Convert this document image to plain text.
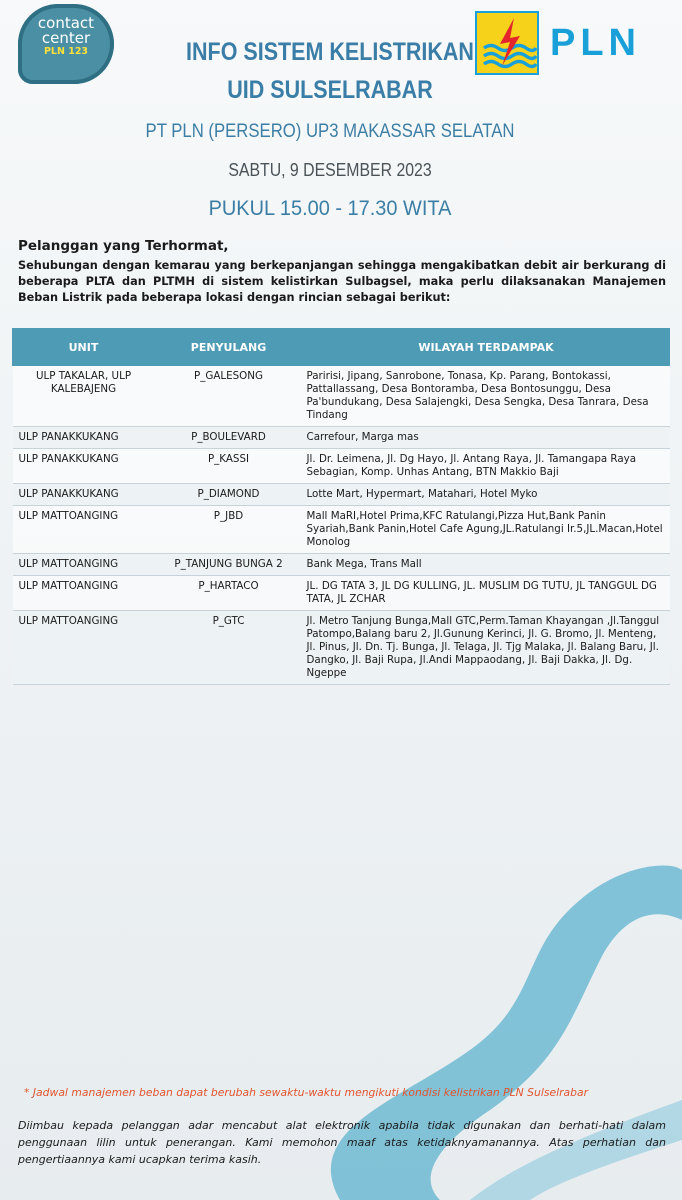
contact
center
PLN 123	PLN
INFO SISTEM KELISTRIKAN
UID SULSELRABAR
PT PLN (PERSERO) UP3 MAKASSAR SELATAN
SABTU, 9 DESEMBER 2023
PUKUL 15.00 - 17.30 WITA
Pelanggan yang Terhormat,
Sehubungan dengan kemarau yang berkepanjangan sehingga mengakibatkan debit air berkurang di beberapa PLTA dan PLTMH di sistem kelistirkan Sulbagsel, maka perlu dilaksanakan Manajemen Beban Listrik pada beberapa lokasi dengan rincian sebagai berikut:
UNIT	PENYULANG	WILAYAH TERDAMPAK
ULP TAKALAR, ULP KALEBAJENG	P_GALESONG	Paririsi, Jipang, Sanrobone, Tonasa, Kp. Parang, Bontokassi, Pattallassang, Desa Bontoramba, Desa Bontosunggu, Desa Pa'bundukang, Desa Salajengki, Desa Sengka, Desa Tanrara, Desa Tindang
ULP PANAKKUKANG	P_BOULEVARD	Carrefour, Marga mas
ULP PANAKKUKANG	P_KASSI	Jl. Dr. Leimena, Jl. Dg Hayo, Jl. Antang Raya, Jl. Tamangapa Raya Sebagian, Komp. Unhas Antang, BTN Makkio Baji
ULP PANAKKUKANG	P_DIAMOND	Lotte Mart, Hypermart, Matahari, Hotel Myko
ULP MATTOANGING	P_JBD	Mall MaRI,Hotel Prima,KFC Ratulangi,Pizza Hut,Bank Panin Syariah,Bank Panin,Hotel Cafe Agung,JL.Ratulangi Ir.5,JL.Macan,Hotel Monolog
ULP MATTOANGING	P_TANJUNG BUNGA 2	Bank Mega, Trans Mall
ULP MATTOANGING	P_HARTACO	JL. DG TATA 3, JL DG KULLING, JL. MUSLIM DG TUTU, JL TANGGUL DG TATA, JL ZCHAR
ULP MATTOANGING	P_GTC	Jl. Metro Tanjung Bunga,Mall GTC,Perm.Taman Khayangan ,Jl.Tanggul Patompo,Balang baru 2, Jl.Gunung Kerinci, Jl. G. Bromo, Jl. Menteng, Jl. Pinus, Jl. Dn. Tj. Bunga, Jl. Telaga, Jl. Tjg Malaka, Jl. Balang Baru, Jl. Dangko, Jl. Baji Rupa, Jl.Andi Mappaodang, Jl. Baji Dakka, Jl. Dg. Ngeppe
* Jadwal manajemen beban dapat berubah sewaktu-waktu mengikuti kondisi kelistrikan PLN Sulselrabar
Diimbau kepada pelanggan adar mencabut alat elektronik apabila tidak digunakan dan berhati-hati dalam penggunaan lilin untuk penerangan. Kami memohon maaf atas ketidaknyamanannya. Atas perhatian dan pengertiaannya kami ucapkan terima kasih.
